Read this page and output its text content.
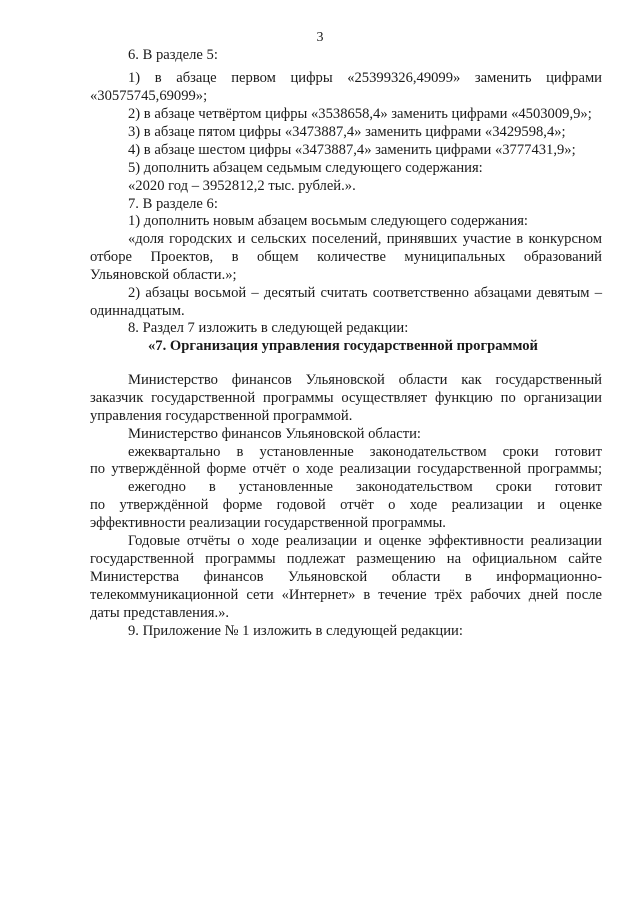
3
6. В разделе 5:
1) в абзаце первом цифры «25399326,49099» заменить цифрами
«30575745,69099»;
2) в абзаце четвёртом цифры «3538658,4» заменить цифрами «4503009,9»;
3) в абзаце пятом цифры «3473887,4» заменить цифрами «3429598,4»;
4) в абзаце шестом цифры «3473887,4» заменить цифрами «3777431,9»;
5) дополнить абзацем седьмым следующего содержания:
«2020 год – 3952812,2 тыс. рублей.».
7. В разделе 6:
1) дополнить новым абзацем восьмым следующего содержания:
«доля городских и сельских поселений, принявших участие в конкурсном
отборе Проектов, в общем количестве муниципальных образований
Ульяновской области.»;
2) абзацы восьмой – десятый считать соответственно абзацами девятым –
одиннадцатым.
8. Раздел 7 изложить в следующей редакции:
«7. Организация управления государственной программой
Министерство финансов Ульяновской области как государственный
заказчик государственной программы осуществляет функцию по организации
управления государственной программой.
Министерство финансов Ульяновской области:
ежеквартально в установленные законодательством сроки готовит
по утверждённой форме отчёт о ходе реализации государственной программы;
ежегодно в установленные законодательством сроки готовит
по утверждённой форме годовой отчёт о ходе реализации и оценке
эффективности реализации государственной программы.
Годовые отчёты о ходе реализации и оценке эффективности реализации
государственной программы подлежат размещению на официальном сайте
Министерства финансов Ульяновской области в информационно-
телекоммуникационной сети «Интернет» в течение трёх рабочих дней после
даты представления.».
9. Приложение № 1 изложить в следующей редакции:
